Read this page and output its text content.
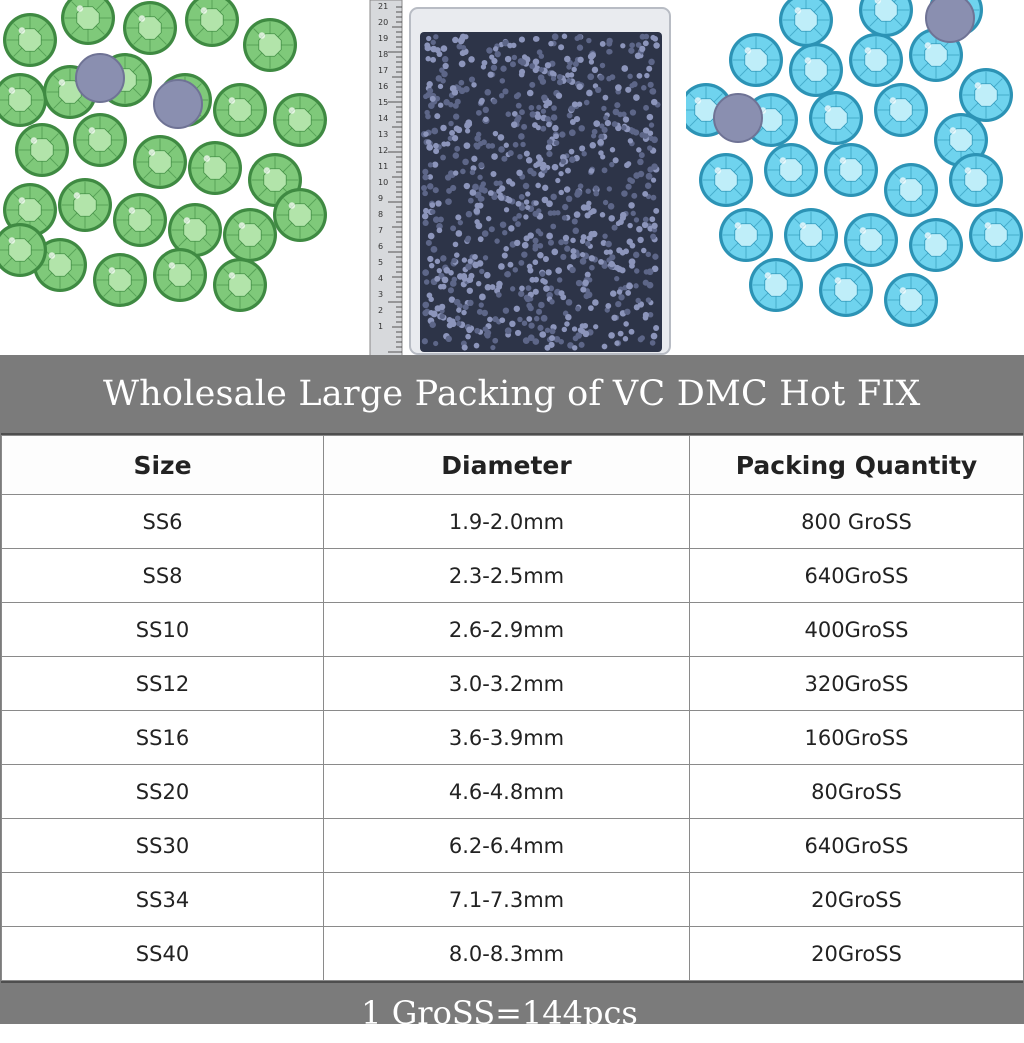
1
2
3
4
5
6
7
8
9
10
11
12
13
14
15
16
17
18
19
20
21
Wholesale Large Packing of VC DMC Hot FIX
Size	Diameter	Packing Quantity
SS6	1.9-2.0mm	800 GroSS
SS8	2.3-2.5mm	640GroSS
SS10	2.6-2.9mm	400GroSS
SS12	3.0-3.2mm	320GroSS
SS16	3.6-3.9mm	160GroSS
SS20	4.6-4.8mm	80GroSS
SS30	6.2-6.4mm	640GroSS
SS34	7.1-7.3mm	20GroSS
SS40	8.0-8.3mm	20GroSS
1 GroSS=144pcs
